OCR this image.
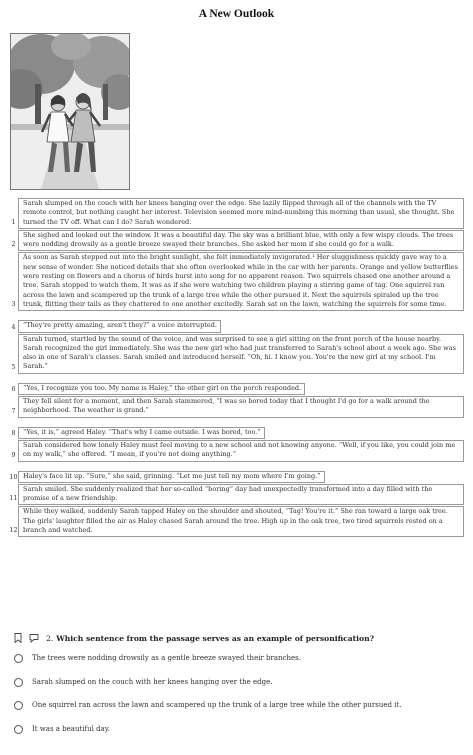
A New Outlook
1
Sarah slumped on the couch with her knees hanging over the edge. She lazily flipped through all of the channels with the TV remote control, but nothing caught her interest. Television seemed more mind-numbing this morning than usual, she thought. She turned the TV off. What can I do? Sarah wondered.
2
She sighed and looked out the window. It was a beautiful day. The sky was a brilliant blue, with only a few wispy clouds. The trees were nodding drowsily as a gentle breeze swayed their branches. She asked her mom if she could go for a walk.
3
As soon as Sarah stepped out into the bright sunlight, she felt immediately invigorated.¹ Her sluggishness quickly gave way to a new sense of wonder. She noticed details that she often overlooked while in the car with her parents. Orange and yellow butterflies were resting on flowers and a chorus of birds burst into song for no apparent reason. Two squirrels chased one another around a tree. Sarah stopped to watch them. It was as if she were watching two children playing a stirring game of tag. One squirrel ran across the lawn and scampered up the trunk of a large tree while the other pursued it. Next the squirrels spiraled up the tree trunk, flitting their tails as they chattered to one another excitedly. Sarah sat on the lawn, watching the squirrels for some time.
4	“They're pretty amazing, aren't they?” a voice interrupted.
5
Sarah turned, startled by the sound of the voice, and was surprised to see a girl sitting on the front porch of the house nearby. Sarah recognized the girl immediately. She was the new girl who had just transferred to Sarah's school about a week ago. She was also in one of Sarah's classes. Sarah smiled and introduced herself. “Oh, hi. I know you. You're the new girl at my school. I'm Sarah.”
6	“Yes, I recognize you too. My name is Haley,” the other girl on the porch responded.
7
They fell silent for a moment, and then Sarah stammered, “I was so bored today that I thought I'd go for a walk around the neighborhood. The weather is grand.”
8	“Yes, it is,” agreed Haley. “That's why I came outside. I was bored, too.”
9
Sarah considered how lonely Haley must feel moving to a new school and not knowing anyone. “Well, if you like, you could join me on my walk,” she offered. “I mean, if you're not doing anything.”
10 Haley's face lit up. “Sure,” she said, grinning. “Let me just tell my mom where I'm going.”
11
Sarah smiled. She suddenly realized that her so-called “boring” day had unexpectedly transformed into a day filled with the promise of a new friendship.
12
While they walked, suddenly Sarah tapped Haley on the shoulder and shouted, “Tag! You're it.” She ran toward a large oak tree. The girls' laughter filled the air as Haley chased Sarah around the tree. High up in the oak tree, two tired squirrels rested on a branch and watched.
2. Which sentence from the passage serves as an example of personification?
The trees were nodding drowsily as a gentle breeze swayed their branches.
Sarah slumped on the couch with her knees hanging over the edge.
One squirrel ran across the lawn and scampered up the trunk of a large tree while the other pursued it.
It was a beautiful day.
